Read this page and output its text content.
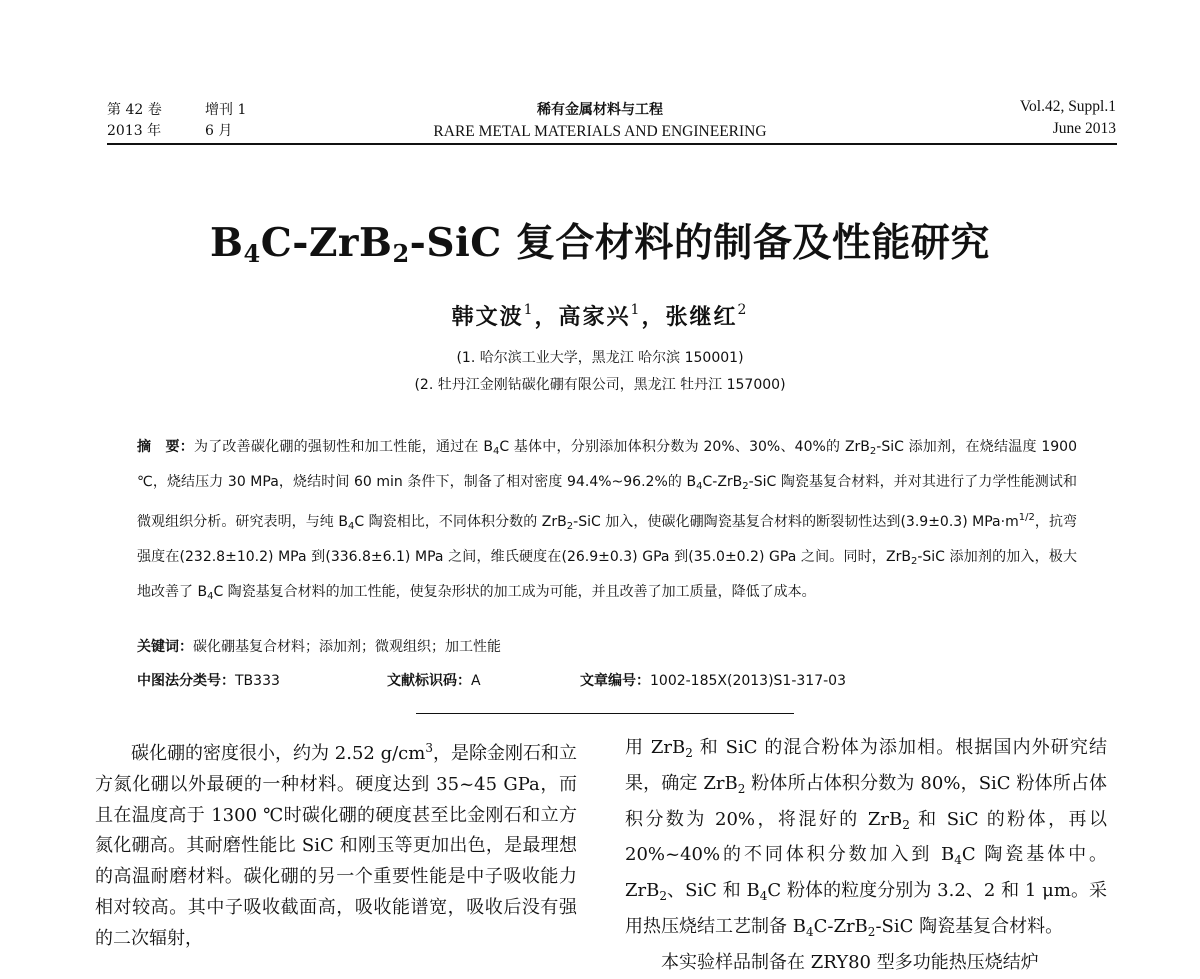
第 42 卷	增刊 1
2013 年	6 月
稀有金属材料与工程
RARE METAL MATERIALS AND ENGINEERING
Vol.42, Suppl.1
June 2013
$B_4C-ZrB_2$-SiC 复合材料的制备及性能研究
韩文波$^1$，高家兴$^1$，张继红$^2$
(1. 哈尔滨工业大学，黑龙江 哈尔滨 150001)
(2. 牡丹江金刚钻碳化硼有限公司，黑龙江 牡丹江 157000)
摘　要：为了改善碳化硼的强韧性和加工性能，通过在 $B_4C$ 基体中，分别添加体积分数为 20%、30%、40%的 ZrB$_2$-SiC 添加剂，在烧结温度 1900 ℃，烧结压力 30 MPa，烧结时间 60 min 条件下，制备了相对密度 94.4%~96.2%的 $B_4C-ZrB_2$-SiC 陶瓷基复合材料，并对其进行了力学性能测试和微观组织分析。研究表明，与纯 $B_4C$ 陶瓷相比，不同体积分数的 ZrB$_2$-SiC 加入，使碳化硼陶瓷基复合材料的断裂韧性达到(3.9±0.3) $MPa\cdot m^{1/2}$，抗弯强度在(232.8±10.2) MPa 到(336.8±6.1) MPa 之间，维氏硬度在(26.9±0.3) GPa 到(35.0±0.2) GPa 之间。同时，ZrB$_2$-SiC 添加剂的加入，极大地改善了 $B_4C$ 陶瓷基复合材料的加工性能，使复杂形状的加工成为可能，并且改善了加工质量，降低了成本。
关键词：碳化硼基复合材料；添加剂；微观组织；加工性能
中图法分类号：TB333	文献标识码：A	文章编号：1002-185X(2013)S1-317-03

碳化硼的密度很小，约为 2.52 $g/cm^3$，是除金刚石和立方氮化硼以外最硬的一种材料。硬度达到 35~45 GPa，而且在温度高于 1300 ℃时碳化硼的硬度甚至比金刚石和立方氮化硼高。其耐磨性能比 SiC 和刚玉等更加出色，是最理想的高温耐磨材料。碳化硼的另一个重要性能是中子吸收能力相对较高。其中子吸收截面高，吸收能谱宽，吸收后没有强的二次辐射，

用 ZrB$_2$ 和 SiC 的混合粉体为添加相。根据国内外研究结果，确定 ZrB$_2$ 粉体所占体积分数为 80%，SiC 粉体所占体积分数为 20%，将混好的 ZrB$_2$ 和 SiC 的粉体，再以 20%~40%的不同体积分数加入到 $B_4C$ 陶瓷基体中。ZrB$_2$、SiC 和 $B_4C$ 粉体的粒度分别为 3.2、2 和 1 μm。采用热压烧结工艺制备 $B_4C-ZrB_2$-SiC 陶瓷基复合材料。

本实验样品制备在 ZRY80 型多功能热压烧结炉
